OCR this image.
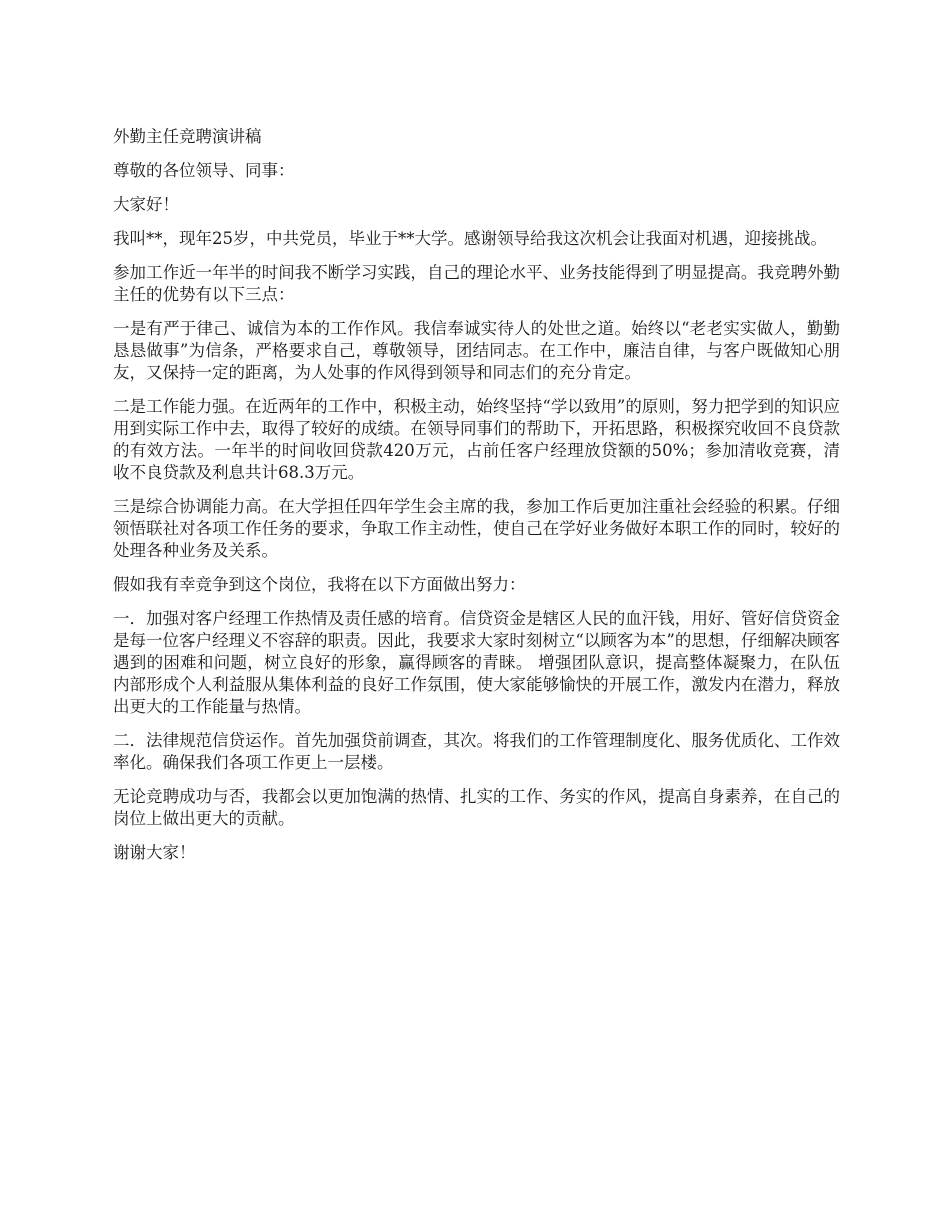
外勤主任竞聘演讲稿

尊敬的各位领导、同事：

大家好！

我叫**，现年25岁，中共党员，毕业于**大学。感谢领导给我这次机会让我面对机遇，迎接挑战。

参加工作近一年半的时间我不断学习实践，自己的理论水平、业务技能得到了明显提高。我竞聘外勤主任的优势有以下三点：

一是有严于律己、诚信为本的工作作风。我信奉诚实待人的处世之道。始终以“老老实实做人，勤勤恳恳做事”为信条，严格要求自己，尊敬领导，团结同志。在工作中，廉洁自律，与客户既做知心朋友，又保持一定的距离，为人处事的作风得到领导和同志们的充分肯定。

二是工作能力强。在近两年的工作中，积极主动，始终坚持“学以致用”的原则，努力把学到的知识应用到实际工作中去，取得了较好的成绩。在领导同事们的帮助下，开拓思路，积极探究收回不良贷款的有效方法。一年半的时间收回贷款420万元，占前任客户经理放贷额的50%；参加清收竞赛，清收不良贷款及利息共计68.3万元。

三是综合协调能力高。在大学担任四年学生会主席的我，参加工作后更加注重社会经验的积累。仔细领悟联社对各项工作任务的要求，争取工作主动性，使自己在学好业务做好本职工作的同时，较好的处理各种业务及关系。

假如我有幸竞争到这个岗位，我将在以下方面做出努力：

一．加强对客户经理工作热情及责任感的培育。信贷资金是辖区人民的血汗钱，用好、管好信贷资金是每一位客户经理义不容辞的职责。因此，我要求大家时刻树立“以顾客为本”的思想，仔细解决顾客遇到的困难和问题，树立良好的形象，赢得顾客的青睐。 增强团队意识，提高整体凝聚力，在队伍内部形成个人利益服从集体利益的良好工作氛围，使大家能够愉快的开展工作，激发内在潜力，释放出更大的工作能量与热情。

二．法律规范信贷运作。首先加强贷前调查，其次。将我们的工作管理制度化、服务优质化、工作效率化。确保我们各项工作更上一层楼。

无论竞聘成功与否，我都会以更加饱满的热情、扎实的工作、务实的作风，提高自身素养，在自己的岗位上做出更大的贡献。

谢谢大家！
